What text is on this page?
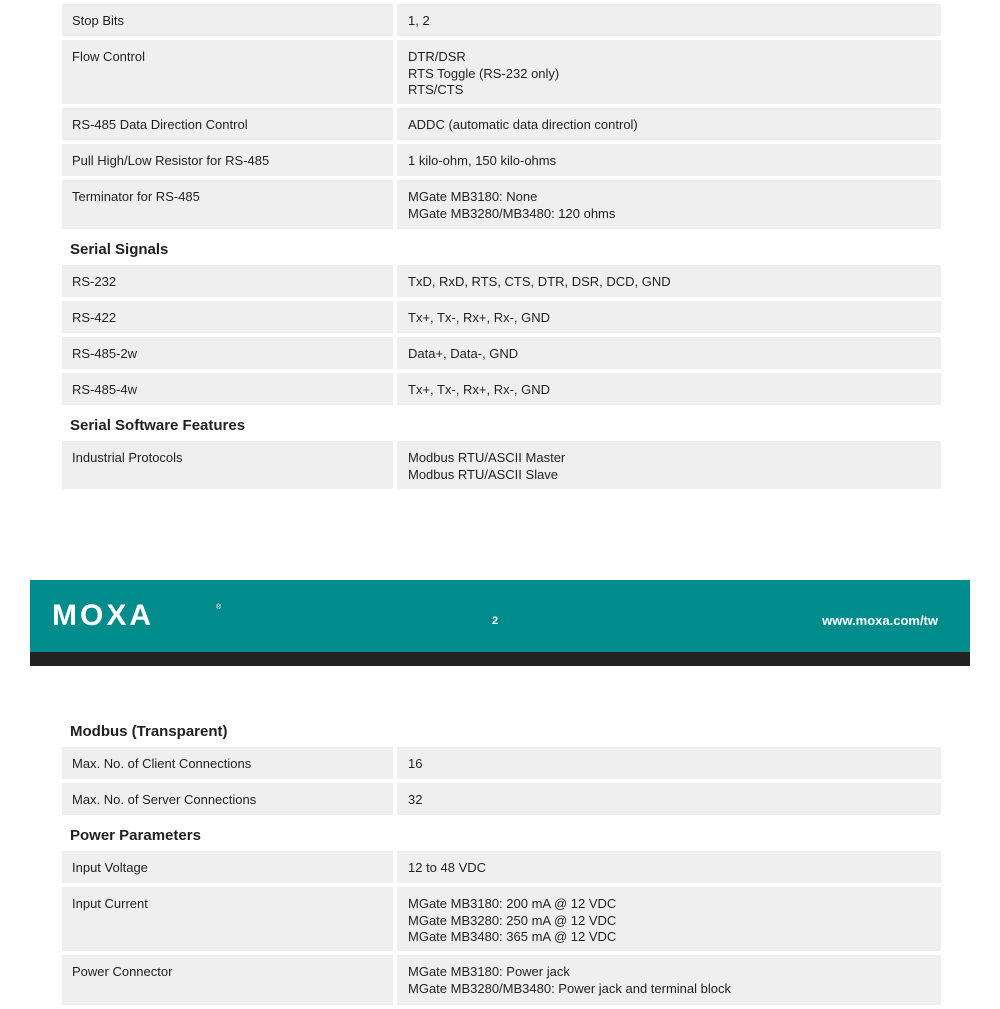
Stop Bits	1, 2
Flow Control	DTR/DSR
RTS Toggle (RS-232 only)
RTS/CTS
RS-485 Data Direction Control	ADDC (automatic data direction control)
Pull High/Low Resistor for RS-485	1 kilo-ohm, 150 kilo-ohms
Terminator for RS-485	MGate MB3180: None
MGate MB3280/MB3480: 120 ohms
Serial Signals
RS-232	TxD, RxD, RTS, CTS, DTR, DSR, DCD, GND
RS-422	Tx+, Tx-, Rx+, Rx-, GND
RS-485-2w	Data+, Data-, GND
RS-485-4w	Tx+, Tx-, Rx+, Rx-, GND
Serial Software Features
Industrial Protocols	Modbus RTU/ASCII Master
Modbus RTU/ASCII Slave
MOXA	®
2	www.moxa.com/tw
Modbus (Transparent)
Max. No. of Client Connections	16
Max. No. of Server Connections	32
Power Parameters
Input Voltage	12 to 48 VDC
Input Current	MGate MB3180: 200 mA @ 12 VDC
MGate MB3280: 250 mA @ 12 VDC
MGate MB3480: 365 mA @ 12 VDC
Power Connector	MGate MB3180: Power jack
MGate MB3280/MB3480: Power jack and terminal block
